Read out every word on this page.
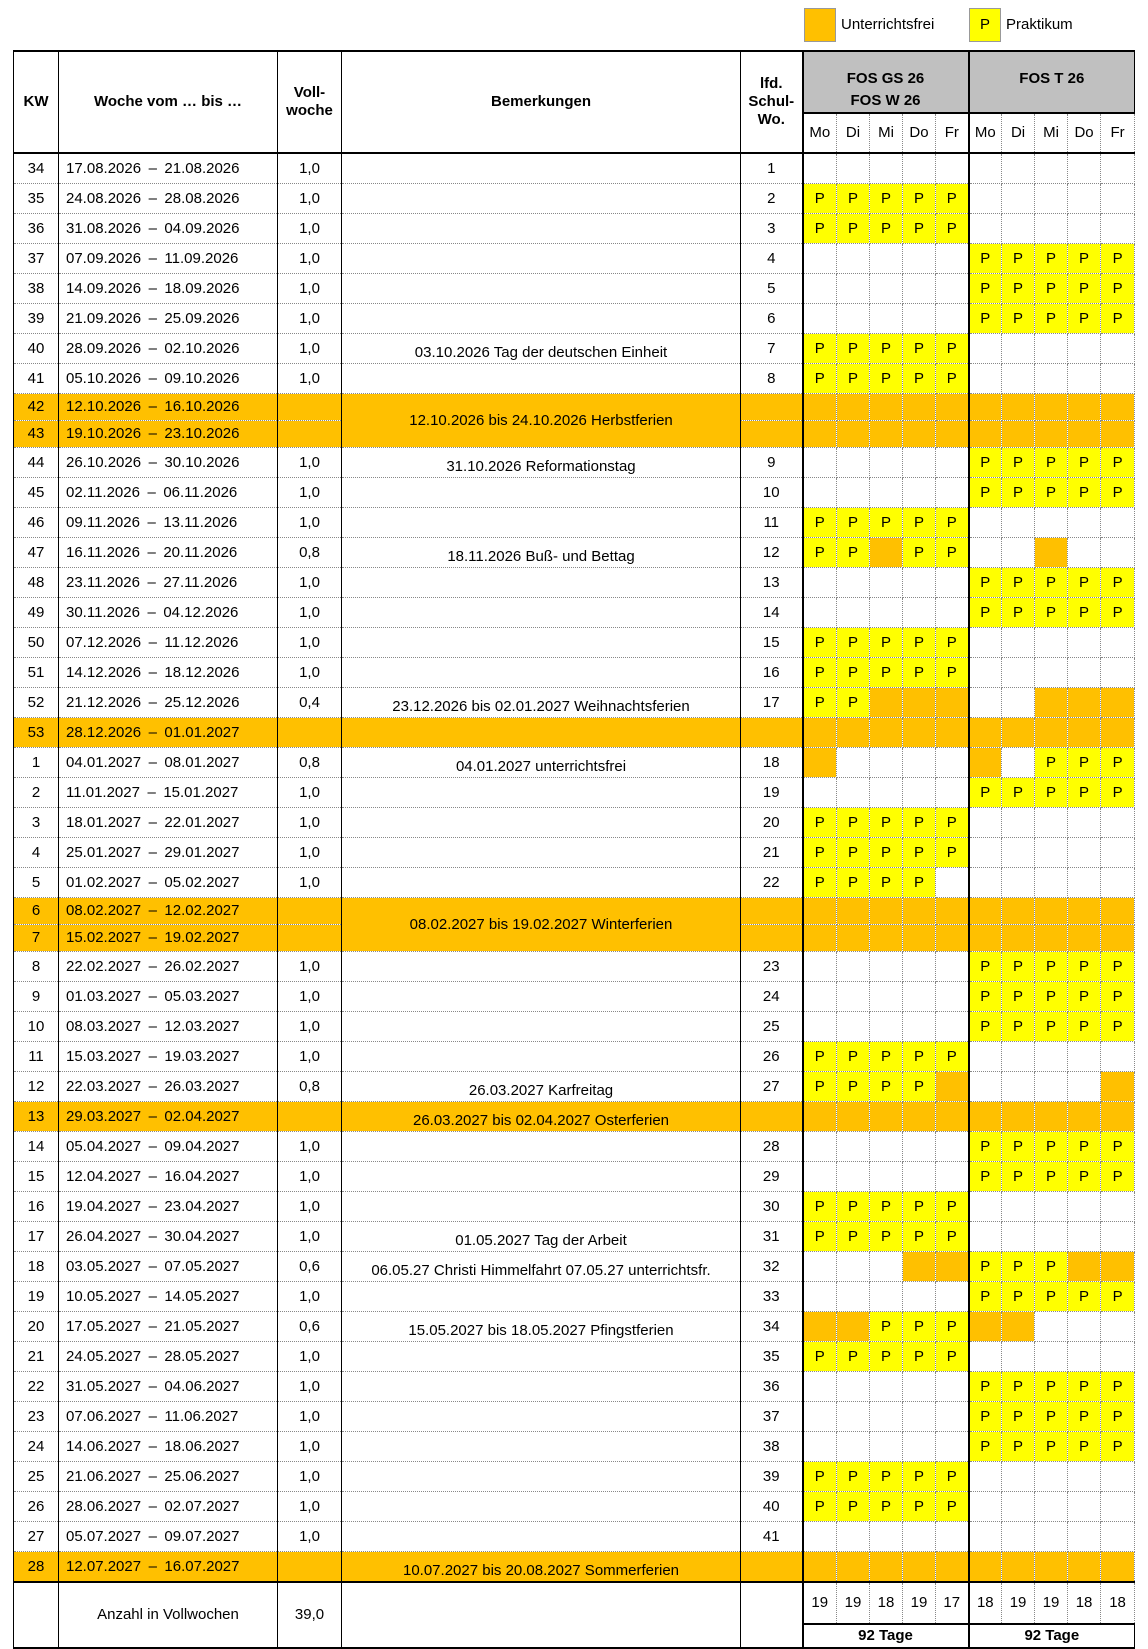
Unterrichtsfrei	P	Praktikum
KW	Woche vom … bis …	Voll-woche	Bemerkungen	lfd. Schul-Wo.	FOS GS 26 FOS W 26					FOS T 26				
					Mo	Di	Mi	Do	Fr	Mo	Di	Mi	Do	Fr
34	17.08.2026 – 21.08.2026	1,0		1										
35	24.08.2026 – 28.08.2026	1,0		2	P	P	P	P	P					
36	31.08.2026 – 04.09.2026	1,0		3	P	P	P	P	P					
37	07.09.2026 – 11.09.2026	1,0		4						P	P	P	P	P
38	14.09.2026 – 18.09.2026	1,0		5						P	P	P	P	P
39	21.09.2026 – 25.09.2026	1,0		6						P	P	P	P	P
40	28.09.2026 – 02.10.2026	1,0	03.10.2026 Tag der deutschen Einheit	7	P	P	P	P	P					
41	05.10.2026 – 09.10.2026	1,0		8	P	P	P	P	P					
42	12.10.2026 – 16.10.2026		12.10.2026 bis 24.10.2026 Herbstferien											
43	19.10.2026 – 23.10.2026													
44	26.10.2026 – 30.10.2026	1,0	31.10.2026 Reformationstag	9						P	P	P	P	P
45	02.11.2026 – 06.11.2026	1,0		10						P	P	P	P	P
46	09.11.2026 – 13.11.2026	1,0		11	P	P	P	P	P					
47	16.11.2026 – 20.11.2026	0,8	18.11.2026 Buß- und Bettag	12	P	P		P	P					
48	23.11.2026 – 27.11.2026	1,0		13						P	P	P	P	P
49	30.11.2026 – 04.12.2026	1,0		14						P	P	P	P	P
50	07.12.2026 – 11.12.2026	1,0		15	P	P	P	P	P					
51	14.12.2026 – 18.12.2026	1,0		16	P	P	P	P	P					
52	21.12.2026 – 25.12.2026	0,4	23.12.2026 bis 02.01.2027 Weihnachtsferien	17	P	P								
53	28.12.2026 – 01.01.2027													
1	04.01.2027 – 08.01.2027	0,8	04.01.2027 unterrichtsfrei	18								P	P	P
2	11.01.2027 – 15.01.2027	1,0		19						P	P	P	P	P
3	18.01.2027 – 22.01.2027	1,0		20	P	P	P	P	P					
4	25.01.2027 – 29.01.2027	1,0		21	P	P	P	P	P					
5	01.02.2027 – 05.02.2027	1,0		22	P	P	P	P						
6	08.02.2027 – 12.02.2027		08.02.2027 bis 19.02.2027 Winterferien											
7	15.02.2027 – 19.02.2027													
8	22.02.2027 – 26.02.2027	1,0		23						P	P	P	P	P
9	01.03.2027 – 05.03.2027	1,0		24						P	P	P	P	P
10	08.03.2027 – 12.03.2027	1,0		25						P	P	P	P	P
11	15.03.2027 – 19.03.2027	1,0		26	P	P	P	P	P					
12	22.03.2027 – 26.03.2027	0,8	26.03.2027 Karfreitag	27	P	P	P	P						
13	29.03.2027 – 02.04.2027		26.03.2027 bis 02.04.2027 Osterferien											
14	05.04.2027 – 09.04.2027	1,0		28						P	P	P	P	P
15	12.04.2027 – 16.04.2027	1,0		29						P	P	P	P	P
16	19.04.2027 – 23.04.2027	1,0		30	P	P	P	P	P					
17	26.04.2027 – 30.04.2027	1,0	01.05.2027 Tag der Arbeit	31	P	P	P	P	P					
18	03.05.2027 – 07.05.2027	0,6	06.05.27 Christi Himmelfahrt 07.05.27 unterrichtsfr.	32						P	P	P		
19	10.05.2027 – 14.05.2027	1,0		33						P	P	P	P	P
20	17.05.2027 – 21.05.2027	0,6	15.05.2027 bis 18.05.2027 Pfingstferien	34			P	P	P					
21	24.05.2027 – 28.05.2027	1,0		35	P	P	P	P	P					
22	31.05.2027 – 04.06.2027	1,0		36						P	P	P	P	P
23	07.06.2027 – 11.06.2027	1,0		37						P	P	P	P	P
24	14.06.2027 – 18.06.2027	1,0		38						P	P	P	P	P
25	21.06.2027 – 25.06.2027	1,0		39	P	P	P	P	P					
26	28.06.2027 – 02.07.2027	1,0		40	P	P	P	P	P					
27	05.07.2027 – 09.07.2027	1,0		41										
28	12.07.2027 – 16.07.2027		10.07.2027 bis 20.08.2027 Sommerferien											
	Anzahl in Vollwochen	39,0			19	19	18	19	17	18	19	19	18	18
					92 Tage					92 Tage				
